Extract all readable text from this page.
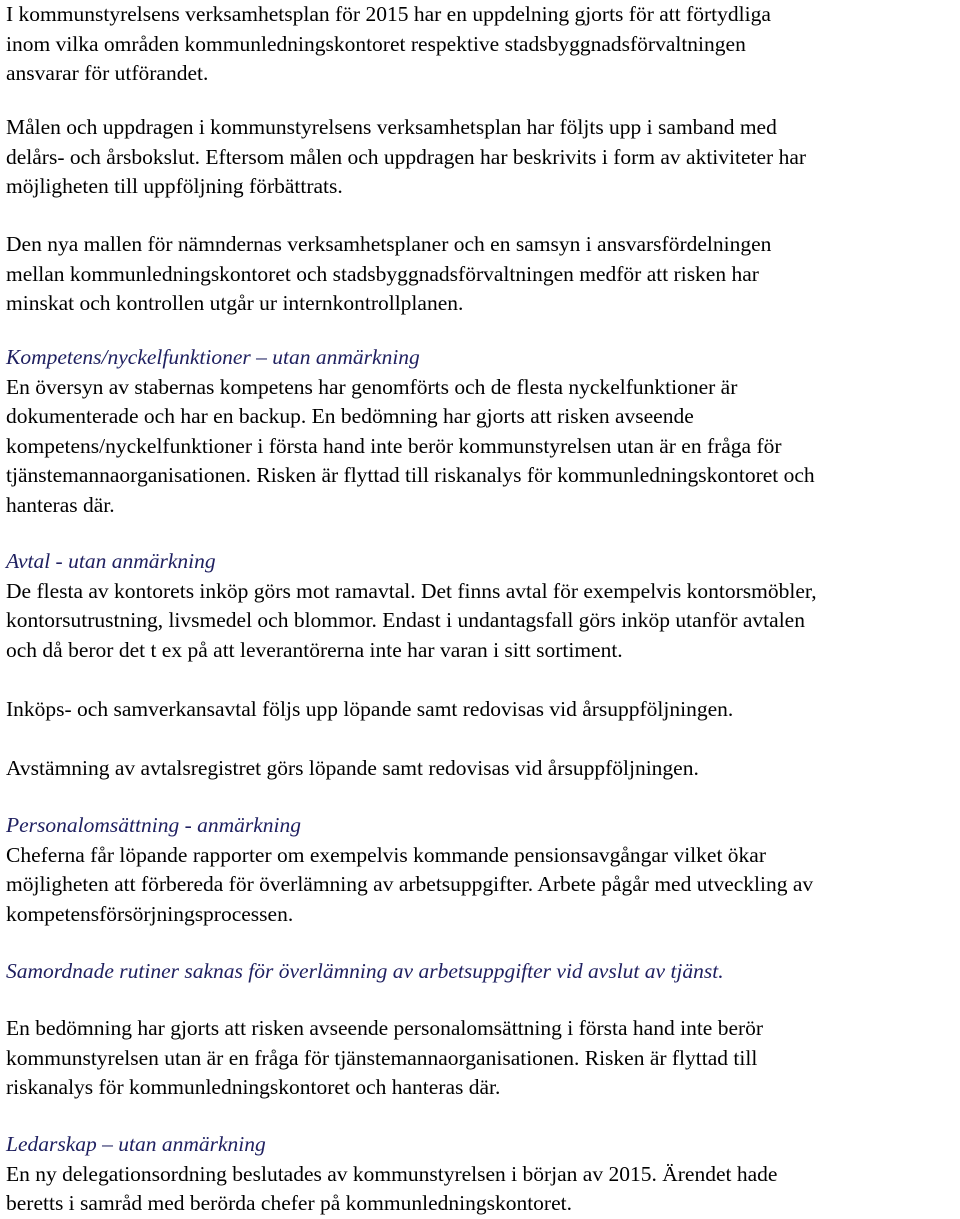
I kommunstyrelsens verksamhetsplan för 2015 har en uppdelning gjorts för att förtydliga
inom vilka områden kommunledningskontoret respektive stadsbyggnadsförvaltningen
ansvarar för utförandet.
Målen och uppdragen i kommunstyrelsens verksamhetsplan har följts upp i samband med
delårs- och årsbokslut. Eftersom målen och uppdragen har beskrivits i form av aktiviteter har
möjligheten till uppföljning förbättrats.
Den nya mallen för nämndernas verksamhetsplaner och en samsyn i ansvarsfördelningen
mellan kommunledningskontoret och stadsbyggnadsförvaltningen medför att risken har
minskat och kontrollen utgår ur internkontrollplanen.
Kompetens/nyckelfunktioner – utan anmärkning
En översyn av stabernas kompetens har genomförts och de flesta nyckelfunktioner är
dokumenterade och har en backup. En bedömning har gjorts att risken avseende
kompetens/nyckelfunktioner i första hand inte berör kommunstyrelsen utan är en fråga för
tjänstemannaorganisationen. Risken är flyttad till riskanalys för kommunledningskontoret och
hanteras där.
Avtal - utan anmärkning
De flesta av kontorets inköp görs mot ramavtal. Det finns avtal för exempelvis kontorsmöbler,
kontorsutrustning, livsmedel och blommor. Endast i undantagsfall görs inköp utanför avtalen
och då beror det t ex på att leverantörerna inte har varan i sitt sortiment.
Inköps- och samverkansavtal följs upp löpande samt redovisas vid årsuppföljningen.
Avstämning av avtalsregistret görs löpande samt redovisas vid årsuppföljningen.
Personalomsättning - anmärkning
Cheferna får löpande rapporter om exempelvis kommande pensionsavgångar vilket ökar
möjligheten att förbereda för överlämning av arbetsuppgifter. Arbete pågår med utveckling av
kompetensförsörjningsprocessen.
Samordnade rutiner saknas för överlämning av arbetsuppgifter vid avslut av tjänst.
En bedömning har gjorts att risken avseende personalomsättning i första hand inte berör
kommunstyrelsen utan är en fråga för tjänstemannaorganisationen. Risken är flyttad till
riskanalys för kommunledningskontoret och hanteras där.
Ledarskap – utan anmärkning
En ny delegationsordning beslutades av kommunstyrelsen i början av 2015. Ärendet hade
beretts i samråd med berörda chefer på kommunledningskontoret.
